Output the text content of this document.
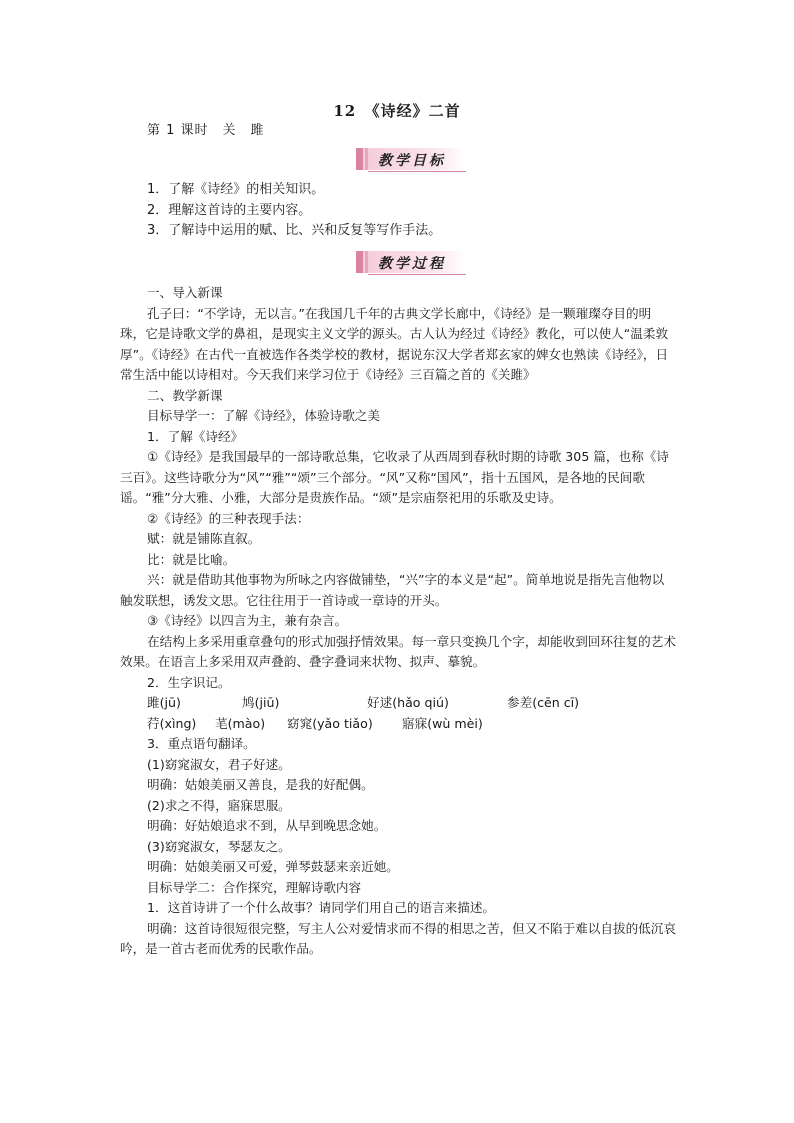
12　《诗经》二首
第 1 课时　关　雎
教学目标

1．了解《诗经》的相关知识。

2．理解这首诗的主要内容。

3．了解诗中运用的赋、比、兴和反复等写作手法。

教学过程

一、导入新课

孔子曰：“不学诗，无以言。”在我国几千年的古典文学长廊中，《诗经》是一颗璀璨夺目的明珠，它是诗歌文学的鼻祖，是现实主义文学的源头。古人认为经过《诗经》教化，可以使人“温柔敦厚”。《诗经》在古代一直被选作各类学校的教材，据说东汉大学者郑玄家的婢女也熟读《诗经》，日常生活中能以诗相对。今天我们来学习位于《诗经》三百篇之首的《关雎》

二、教学新课

目标导学一：了解《诗经》，体验诗歌之美

1．了解《诗经》

①《诗经》是我国最早的一部诗歌总集，它收录了从西周到春秋时期的诗歌 305 篇，也称《诗三百》。这些诗歌分为“风”“雅”“颂”三个部分。“风”又称“国风”，指十五国风，是各地的民间歌谣。“雅”分大雅、小雅，大部分是贵族作品。“颂”是宗庙祭祀用的乐歌及史诗。

②《诗经》的三种表现手法：

赋：就是铺陈直叙。

比：就是比喻。

兴：就是借助其他事物为所咏之内容做铺垫，“兴”字的本义是“起”。简单地说是指先言他物以触发联想，诱发文思。它往往用于一首诗或一章诗的开头。

③《诗经》以四言为主，兼有杂言。

在结构上多采用重章叠句的形式加强抒情效果。每一章只变换几个字，却能收到回环往复的艺术效果。在语言上多采用双声叠韵、叠字叠词来状物、拟声、摹貌。

2．生字识记。

雎(jū)	鸠(jiū)	好逑(hǎo qiú)	参差(cēn cī)
荇(xìng)	芼(mào)	窈窕(yǎo tiǎo)	寤寐(wù mèi)

3．重点语句翻译。

(1)窈窕淑女，君子好逑。

明确：姑娘美丽又善良，是我的好配偶。

(2)求之不得，寤寐思服。

明确：好姑娘追求不到，从早到晚思念她。

(3)窈窕淑女，琴瑟友之。

明确：姑娘美丽又可爱，弹琴鼓瑟来亲近她。

目标导学二：合作探究，理解诗歌内容

1．这首诗讲了一个什么故事？请同学们用自己的语言来描述。

明确：这首诗很短很完整，写主人公对爱情求而不得的相思之苦，但又不陷于难以自拔的低沉哀吟，是一首古老而优秀的民歌作品。
